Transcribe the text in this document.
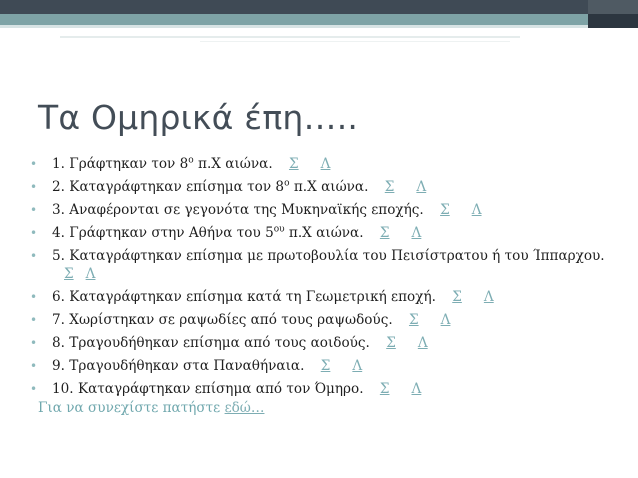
Τα Ομηρικά έπη…..
• 1. Γράφτηκαν τον $8^o$ π.Χ αιώνα. Σ Λ
• 2. Καταγράφτηκαν επίσημα τον $8^o$ π.Χ αιώνα. Σ Λ
• 3. Αναφέρονται σε γεγονότα της Μυκηναϊκής εποχής. Σ Λ
• 4. Γράφτηκαν στην Αθήνα του $5^{o\upsilon}$ π.Χ αιώνα. Σ Λ
• 5. Καταγράφτηκαν επίσημα με πρωτοβουλία του Πεισίστρατου ή του Ίππαρχου. Σ Λ
• 6. Καταγράφτηκαν επίσημα κατά τη Γεωμετρική εποχή. Σ Λ
• 7. Χωρίστηκαν σε ραψωδίες από τους ραψωδούς. Σ Λ
• 8. Τραγουδήθηκαν επίσημα από τους αοιδούς. Σ Λ
• 9. Τραγουδήθηκαν στα Παναθήναια. Σ Λ
• 10. Καταγράφτηκαν επίσημα από τον Όμηρο. Σ Λ

Για να συνεχίστε πατήστε εδώ…
